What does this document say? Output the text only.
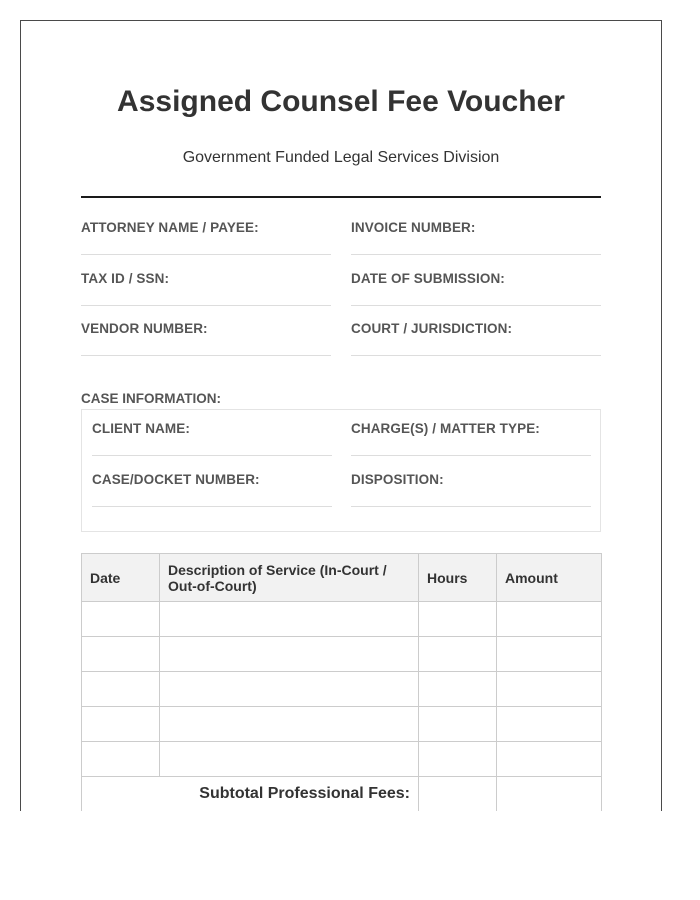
Assigned Counsel Fee Voucher
Government Funded Legal Services Division
ATTORNEY NAME / PAYEE:	INVOICE NUMBER:
TAX ID / SSN:	DATE OF SUBMISSION:
VENDOR NUMBER:	COURT / JURISDICTION:
CASE INFORMATION:
CLIENT NAME:	CHARGE(S) / MATTER TYPE:
CASE/DOCKET NUMBER:	DISPOSITION:
Date	Description of Service (In-Court / Out-of-Court)	Hours	Amount

Subtotal Professional Fees:			
